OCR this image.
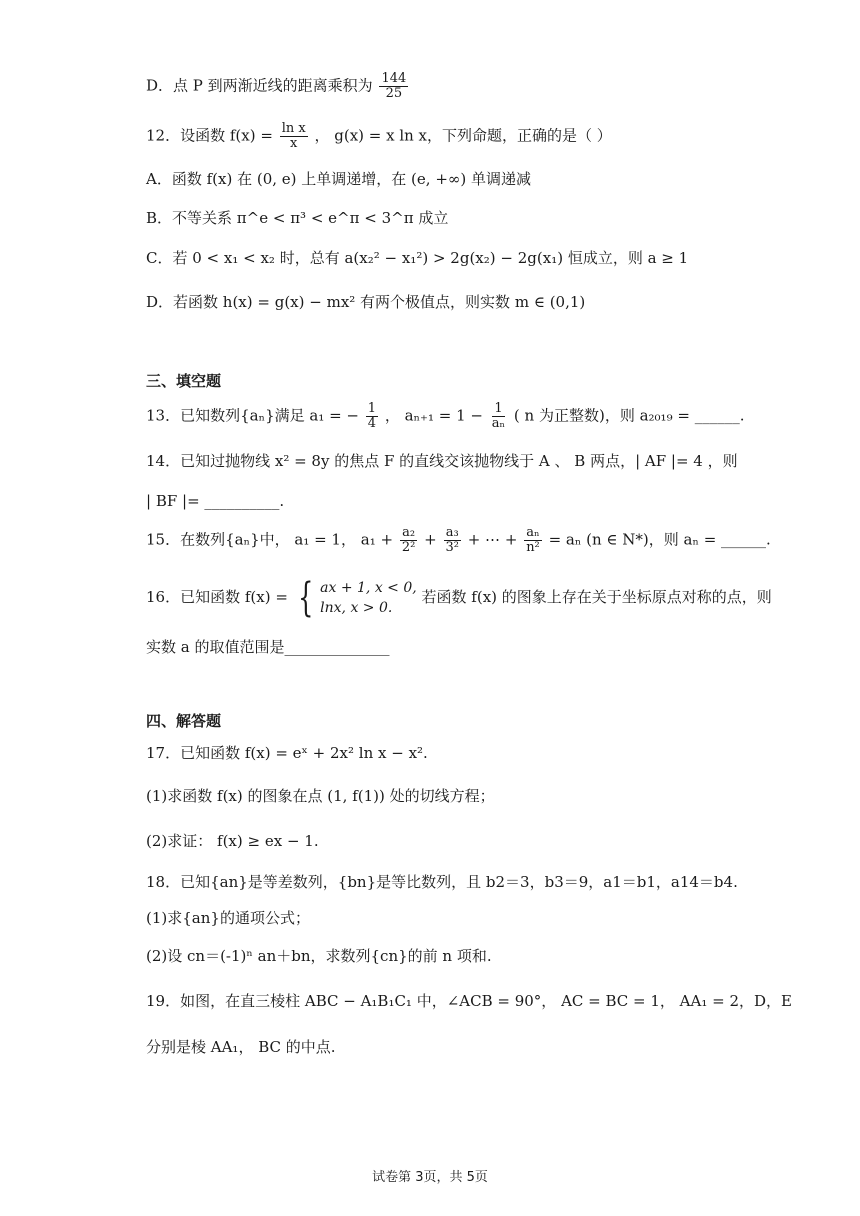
D．点 P 到两渐近线的距离乘积为 $\frac{144}{25}$
12．设函数 $f(x) = \frac{\text{ln x}}{x}$ ， g(x) = x ln x，下列命题，正确的是（ ）
A．函数 f(x) 在 (0, e) 上单调递增，在 (e, +∞) 单调递减
B．不等关系 π^e < π³ < e^π < 3^π 成立
C．若 0 < x₁ < x₂ 时，总有 a(x₂² − x₁²) > 2g(x₂) − 2g(x₁) 恒成立，则 a ≥ 1
D．若函数 h(x) = g(x) − mx² 有两个极值点，则实数 m ∈ (0,1)
三、填空题
13．已知数列{aₙ}满足 a₁ = − $\frac{1}{4}$ ， $a_{n+1} = 1 - \frac{1}{\text{aₙ}}$ ( n 为正整数)，则 a₂₀₁₉ = ______.
14．已知过抛物线 x² = 8y 的焦点 F 的直线交该抛物线于 A 、 B 两点，| AF |= 4 ，则
| BF |= __________.
15．在数列{aₙ}中， a₁ = 1， $a_1 + \frac{\text{a₂}}{\text{2²}} + \frac{\text{a₃}}{\text{3²}}$ + ⋯ + $\frac{\text{aₙ}}{\text{n²}} = a_n$ (n ∈ N*)，则 aₙ = ______.
16．已知函数 f(x) = { ax + 1, x < 0,
lnx, x > 0.
若函数 f(x) 的图象上存在关于坐标原点对称的点，则
实数 a 的取值范围是______________
四、解答题
17．已知函数 f(x) = eˣ + 2x² ln x − x².
(1)求函数 f(x) 的图象在点 (1, f(1)) 处的切线方程；
(2)求证： f(x) ≥ ex − 1.
18．已知{an}是等差数列，{bn}是等比数列，且 b2＝3，b3＝9，a1＝b1，a14＝b4.
(1)求{an}的通项公式；
(2)设 cn＝(-1)ⁿ an＋bn，求数列{cn}的前 n 项和.
19．如图，在直三棱柱 ABC − A₁B₁C₁ 中，∠ACB = 90°， AC = BC = 1， AA₁ = 2，D，E
分别是棱 AA₁， BC 的中点.
试卷第 3页，共 5页
